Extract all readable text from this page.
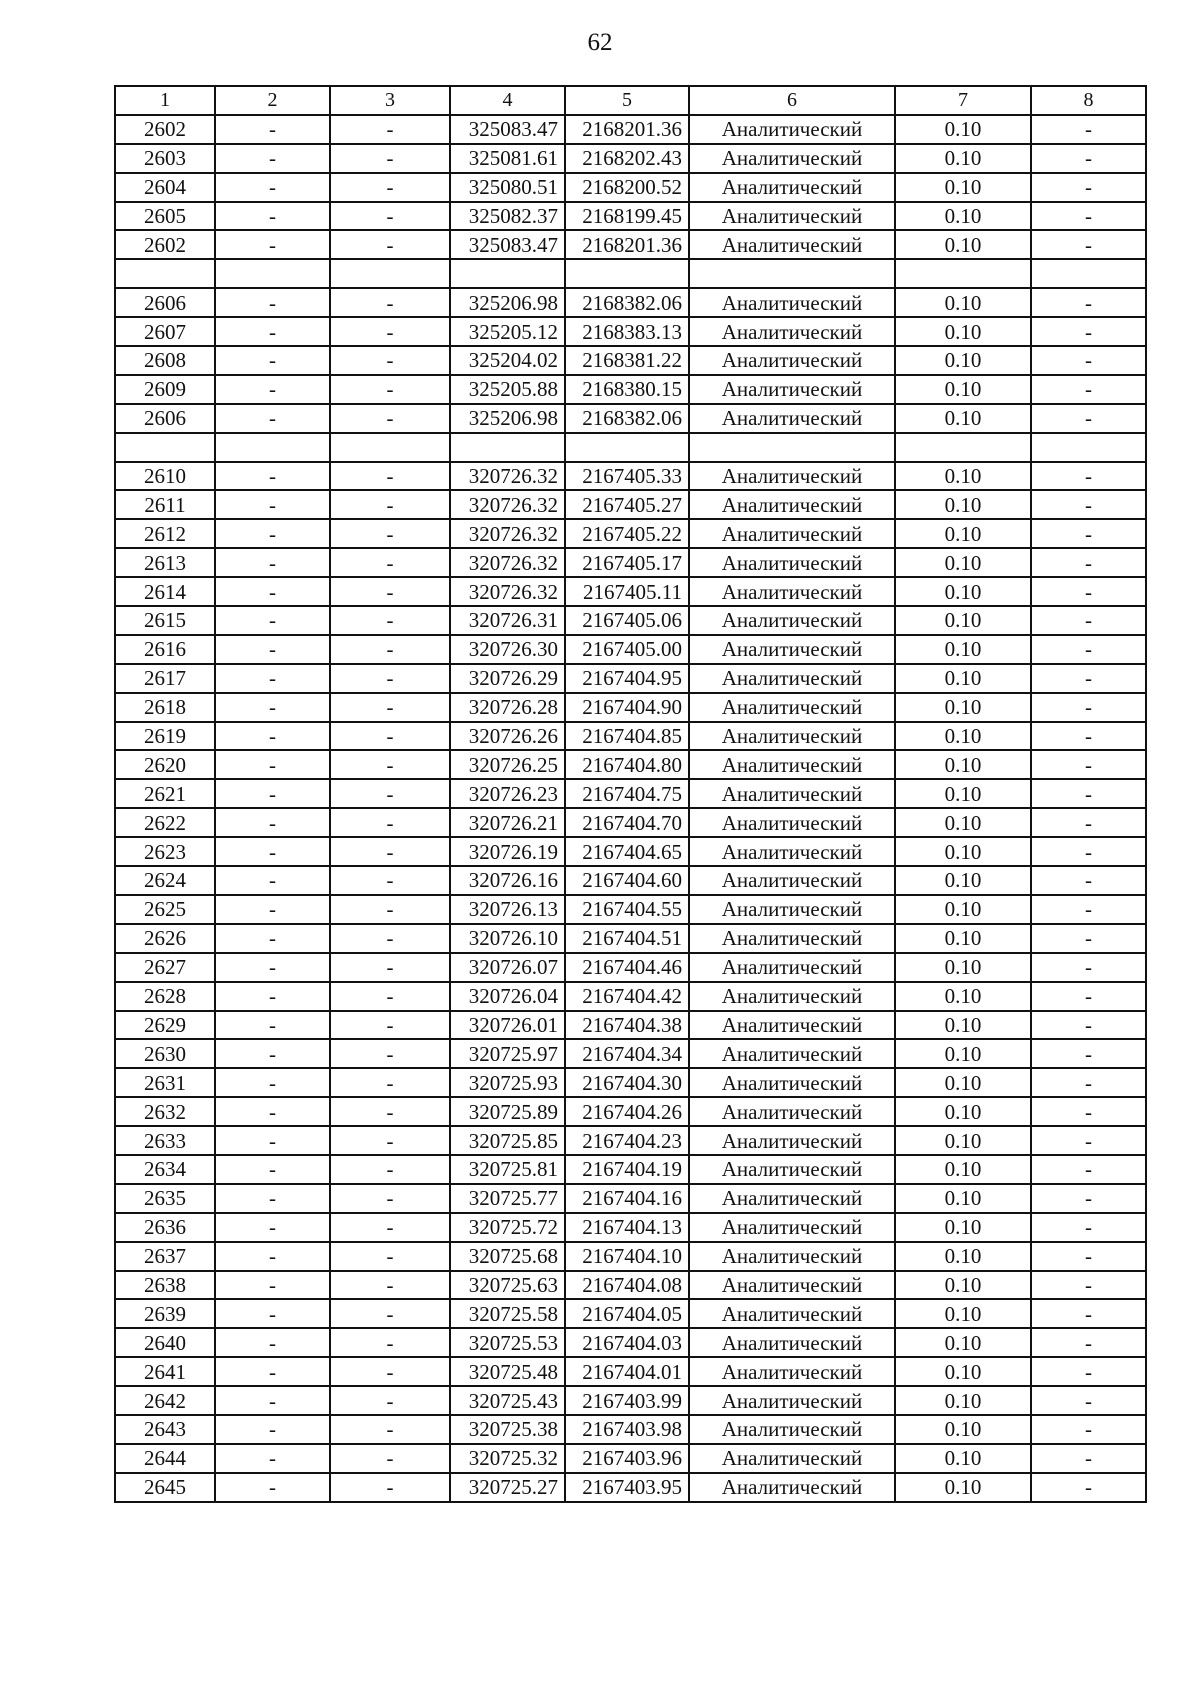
62
1	2	3	4	5	6	7	8
2602	-	-	325083.47	2168201.36	Аналитический	0.10	-
2603	-	-	325081.61	2168202.43	Аналитический	0.10	-
2604	-	-	325080.51	2168200.52	Аналитический	0.10	-
2605	-	-	325082.37	2168199.45	Аналитический	0.10	-
2602	-	-	325083.47	2168201.36	Аналитический	0.10	-

2606	-	-	325206.98	2168382.06	Аналитический	0.10	-
2607	-	-	325205.12	2168383.13	Аналитический	0.10	-
2608	-	-	325204.02	2168381.22	Аналитический	0.10	-
2609	-	-	325205.88	2168380.15	Аналитический	0.10	-
2606	-	-	325206.98	2168382.06	Аналитический	0.10	-

2610	-	-	320726.32	2167405.33	Аналитический	0.10	-
2611	-	-	320726.32	2167405.27	Аналитический	0.10	-
2612	-	-	320726.32	2167405.22	Аналитический	0.10	-
2613	-	-	320726.32	2167405.17	Аналитический	0.10	-
2614	-	-	320726.32	2167405.11	Аналитический	0.10	-
2615	-	-	320726.31	2167405.06	Аналитический	0.10	-
2616	-	-	320726.30	2167405.00	Аналитический	0.10	-
2617	-	-	320726.29	2167404.95	Аналитический	0.10	-
2618	-	-	320726.28	2167404.90	Аналитический	0.10	-
2619	-	-	320726.26	2167404.85	Аналитический	0.10	-
2620	-	-	320726.25	2167404.80	Аналитический	0.10	-
2621	-	-	320726.23	2167404.75	Аналитический	0.10	-
2622	-	-	320726.21	2167404.70	Аналитический	0.10	-
2623	-	-	320726.19	2167404.65	Аналитический	0.10	-
2624	-	-	320726.16	2167404.60	Аналитический	0.10	-
2625	-	-	320726.13	2167404.55	Аналитический	0.10	-
2626	-	-	320726.10	2167404.51	Аналитический	0.10	-
2627	-	-	320726.07	2167404.46	Аналитический	0.10	-
2628	-	-	320726.04	2167404.42	Аналитический	0.10	-
2629	-	-	320726.01	2167404.38	Аналитический	0.10	-
2630	-	-	320725.97	2167404.34	Аналитический	0.10	-
2631	-	-	320725.93	2167404.30	Аналитический	0.10	-
2632	-	-	320725.89	2167404.26	Аналитический	0.10	-
2633	-	-	320725.85	2167404.23	Аналитический	0.10	-
2634	-	-	320725.81	2167404.19	Аналитический	0.10	-
2635	-	-	320725.77	2167404.16	Аналитический	0.10	-
2636	-	-	320725.72	2167404.13	Аналитический	0.10	-
2637	-	-	320725.68	2167404.10	Аналитический	0.10	-
2638	-	-	320725.63	2167404.08	Аналитический	0.10	-
2639	-	-	320725.58	2167404.05	Аналитический	0.10	-
2640	-	-	320725.53	2167404.03	Аналитический	0.10	-
2641	-	-	320725.48	2167404.01	Аналитический	0.10	-
2642	-	-	320725.43	2167403.99	Аналитический	0.10	-
2643	-	-	320725.38	2167403.98	Аналитический	0.10	-
2644	-	-	320725.32	2167403.96	Аналитический	0.10	-
2645	-	-	320725.27	2167403.95	Аналитический	0.10	-
